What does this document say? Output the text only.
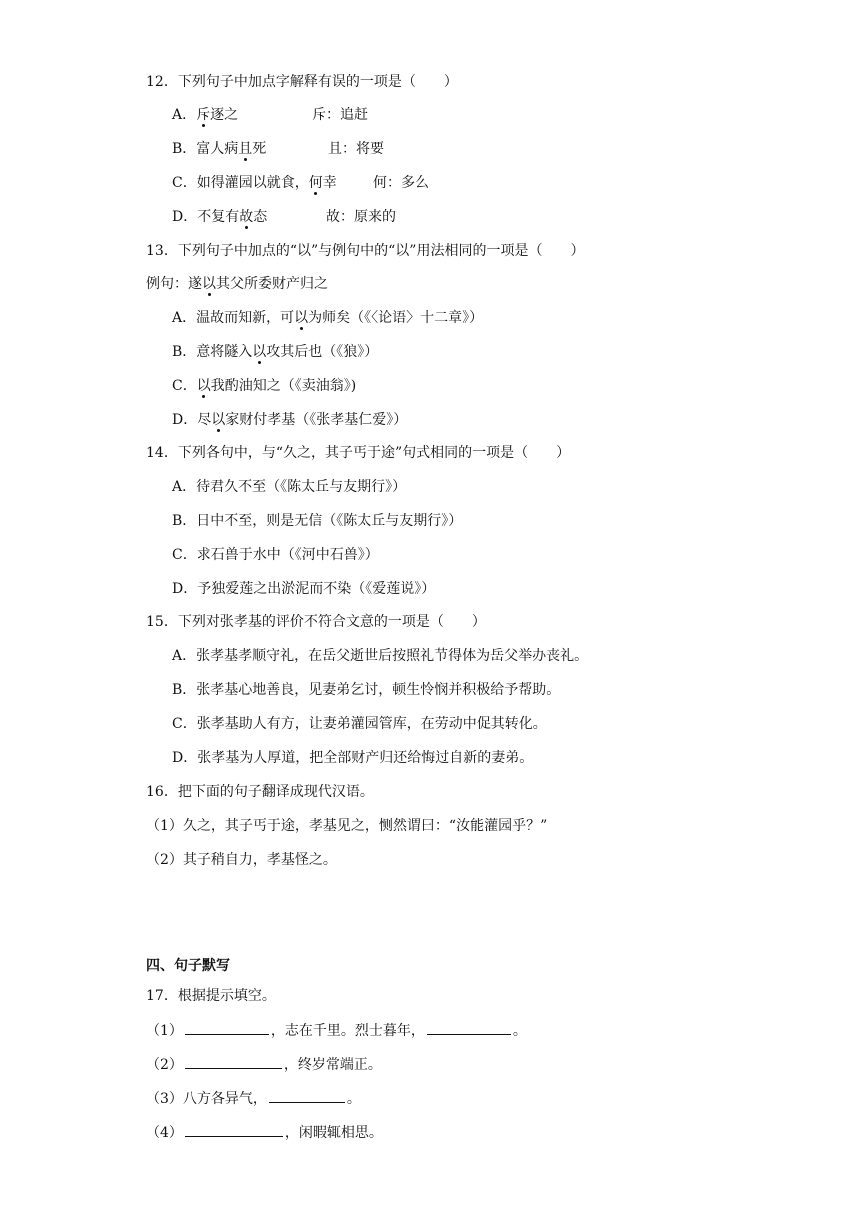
12．下列句子中加点字解释有误的一项是（　　）
A．斥逐之	斥：追赶
B．富人病且死	且：将要
C．如得灌园以就食，何幸	何：多么
D．不复有故态	故：原来的
13．下列句子中加点的“以”与例句中的“以”用法相同的一项是（　　）
例句：遂以其父所委财产归之
A．温故而知新，可以为师矣（《〈论语〉十二章》）
B．意将隧入以攻其后也（《狼》）
C．以我酌油知之（《卖油翁》)
D．尽以家财付孝基（《张孝基仁爱》）
14．下列各句中，与“久之，其子丐于途”句式相同的一项是（　　）
A．待君久不至（《陈太丘与友期行》）
B．日中不至，则是无信（《陈太丘与友期行》）
C．求石兽于水中（《河中石兽》）
D．予独爱莲之出淤泥而不染（《爱莲说》）
15．下列对张孝基的评价不符合文意的一项是（　　）
A．张孝基孝顺守礼，在岳父逝世后按照礼节得体为岳父举办丧礼。
B．张孝基心地善良，见妻弟乞讨，顿生怜悯并积极给予帮助。
C．张孝基助人有方，让妻弟灌园管库，在劳动中促其转化。
D．张孝基为人厚道，把全部财产归还给悔过自新的妻弟。
16．把下面的句子翻译成现代汉语。
（1）久之，其子丐于途，孝基见之，恻然谓曰：“汝能灌园乎？”
（2）其子稍自力，孝基怪之。
四、句子默写
17．根据提示填空。
（1）	，志在千里。烈士暮年，	。
（2）	，终岁常端正。
（3）八方各异气，	。
（4）	，闲暇辄相思。
